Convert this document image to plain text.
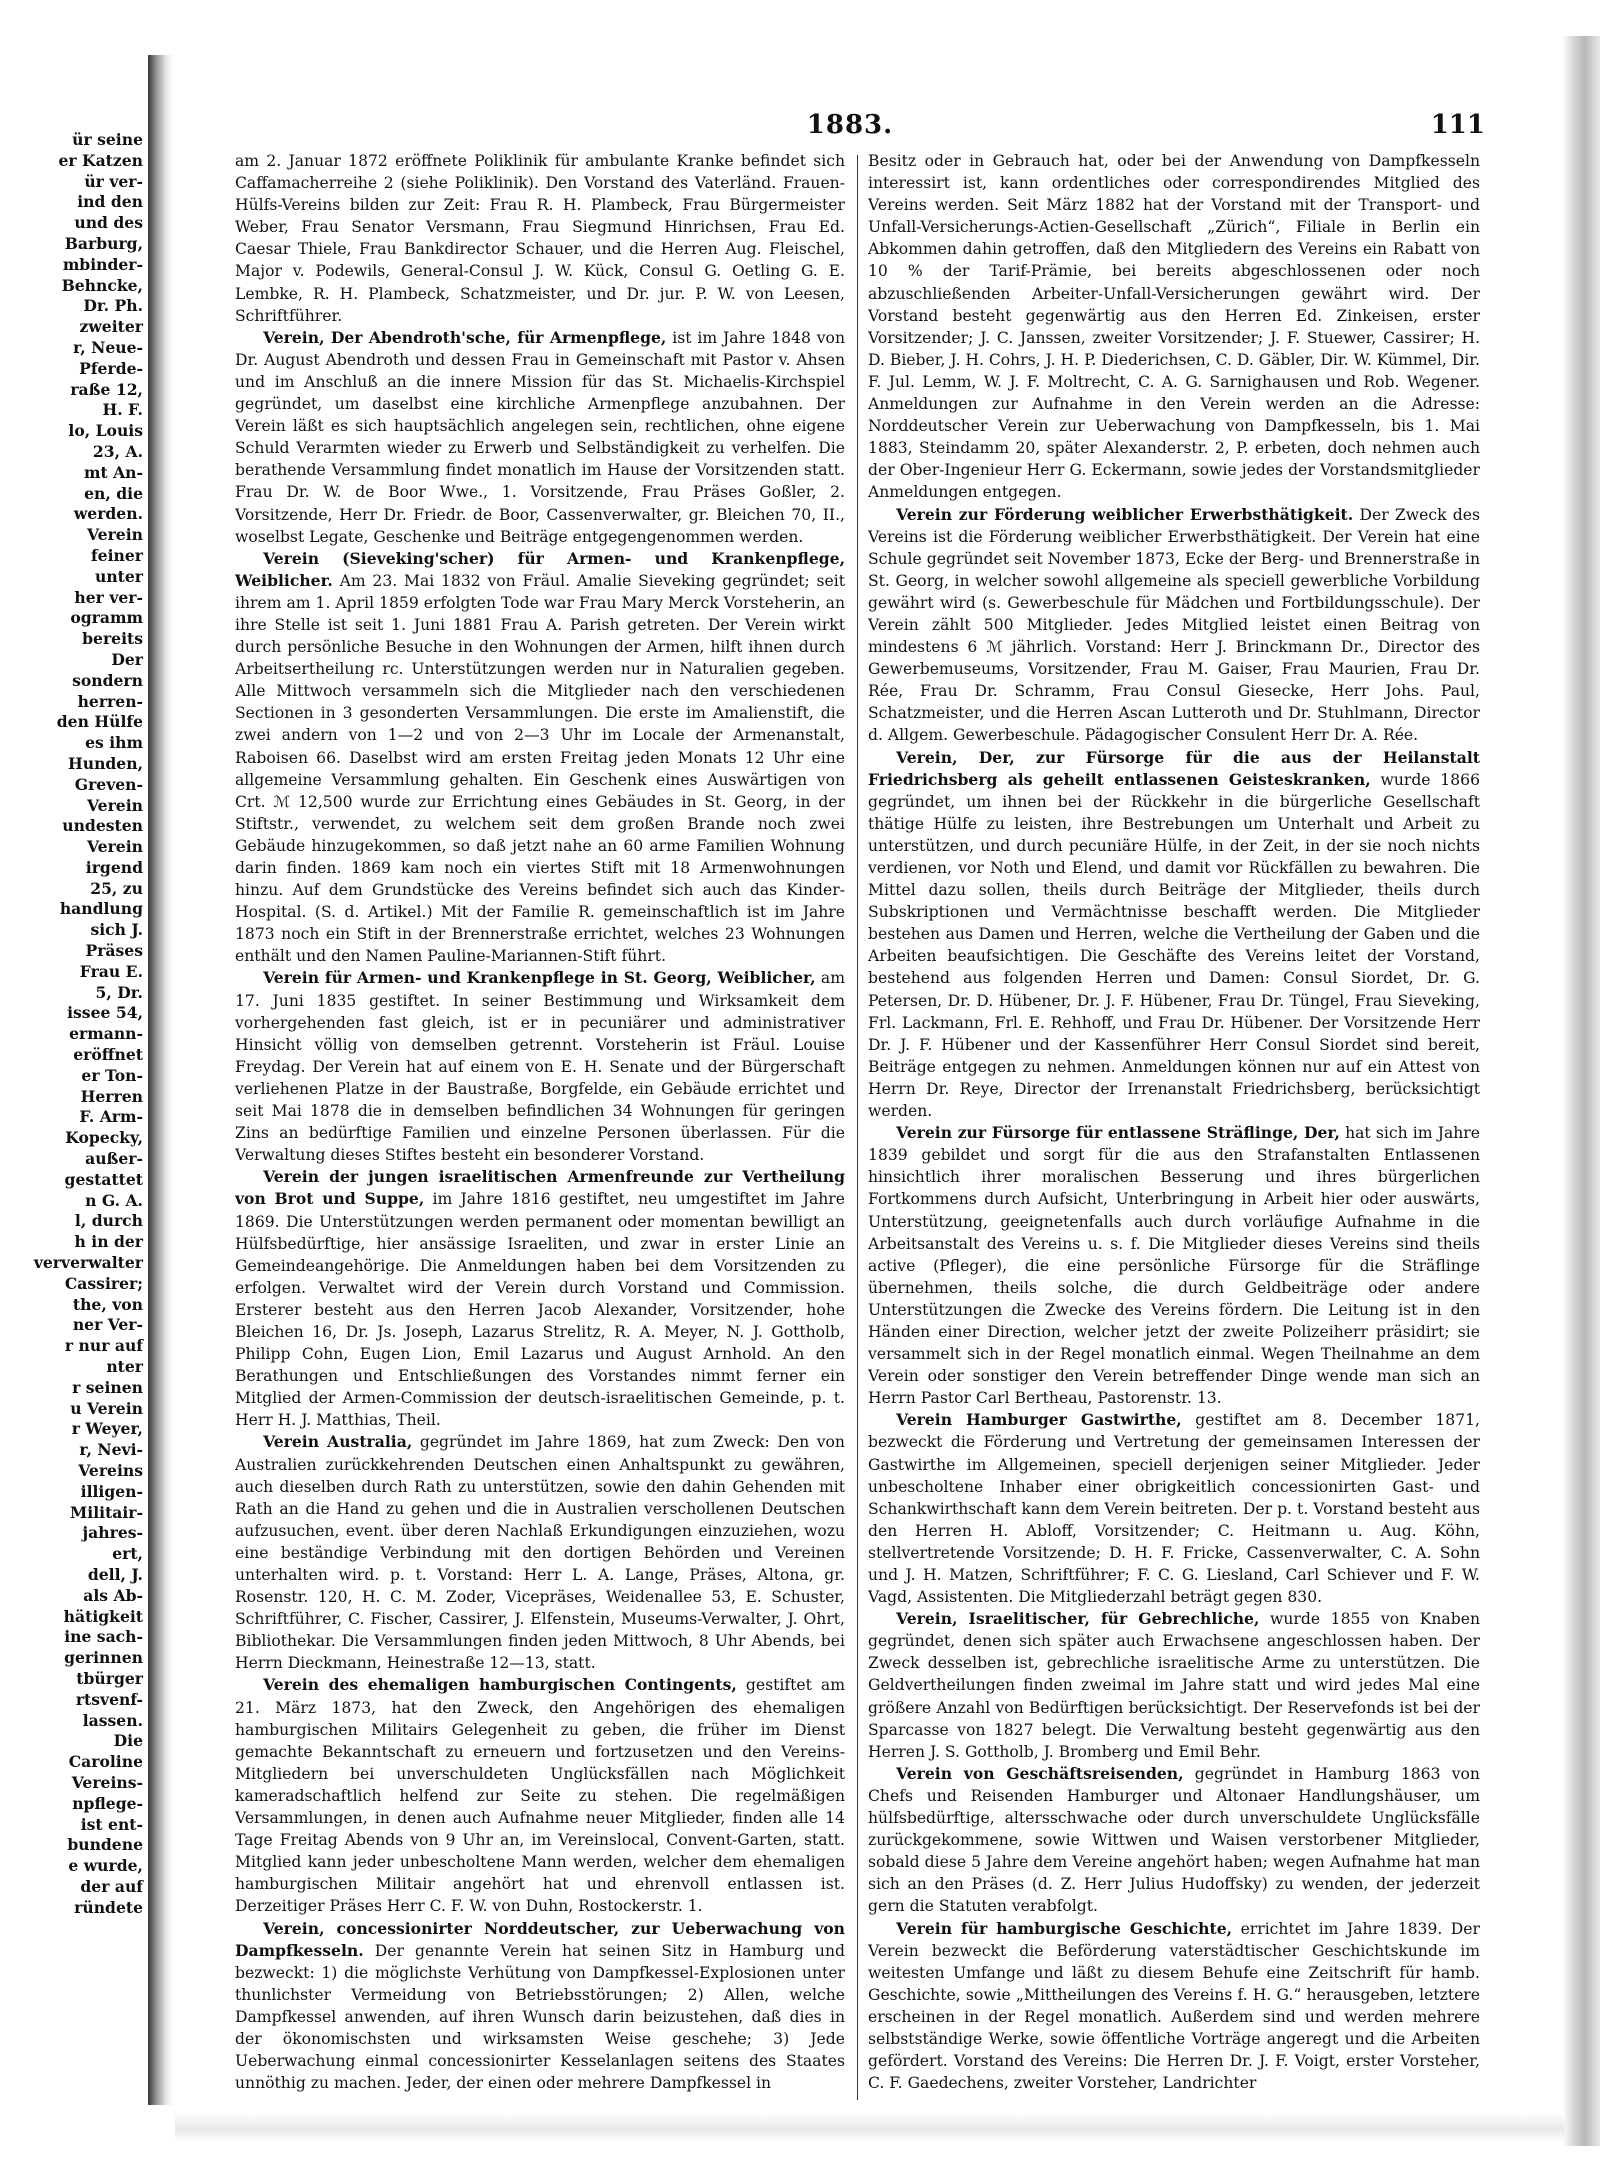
ür seine
er Katzen
ür ver-
ind den
und des
Barburg,
mbinder-
Behncke,
Dr. Ph.
zweiter
r, Neue-
Pferde-
raße 12,
H. F.
lo, Louis
23, A.
mt An-
en, die
werden.
Verein
feiner
unter
her ver-
ogramm
bereits
Der
sondern
herren-
den Hülfe
es ihm
Hunden,
Greven-
Verein
undesten
Verein
irgend
25, zu
handlung
sich J.
Präses
Frau E.
5, Dr.
issee 54,
ermann-
eröffnet
er Ton-
Herren
F. Arm-
Kopecky,
außer-
gestattet
n G. A.
l, durch
h in der
ververwalter
Cassirer;
the, von
ner Ver-
r nur auf
nter
r seinen
u Verein
r Weyer,
r, Nevi-
Vereins
illigen-
Militair-
jahres-
ert,
dell, J.
als Ab-
hätigkeit
ine sach-
gerinnen
tbürger
rtsvenf-
lassen.
Die
Caroline
Vereins-
npflege-
ist ent-
bundene
e wurde,
der auf
ründete
1883.	111

am 2. Januar 1872 eröffnete Poliklinik für ambulante Kranke befindet sich Caffamacherreihe 2 (siehe Poliklinik). Den Vorstand des Vaterländ. Frauen-Hülfs-Vereins bilden zur Zeit: Frau R. H. Plambeck, Frau Bürgermeister Weber, Frau Senator Versmann, Frau Siegmund Hinrichsen, Frau Ed. Caesar Thiele, Frau Bankdirector Schauer, und die Herren Aug. Fleischel, Major v. Podewils, General-Consul J. W. Kück, Consul G. Oetling G. E. Lembke, R. H. Plambeck, Schatzmeister, und Dr. jur. P. W. von Leesen, Schriftführer.

Verein, Der Abendroth'sche, für Armenpflege, ist im Jahre 1848 von Dr. August Abendroth und dessen Frau in Gemeinschaft mit Pastor v. Ahsen und im Anschluß an die innere Mission für das St. Michaelis-Kirchspiel gegründet, um daselbst eine kirchliche Armenpflege anzubahnen. Der Verein läßt es sich hauptsächlich angelegen sein, rechtlichen, ohne eigene Schuld Verarmten wieder zu Erwerb und Selbständigkeit zu verhelfen. Die berathende Versammlung findet monatlich im Hause der Vorsitzenden statt. Frau Dr. W. de Boor Wwe., 1. Vorsitzende, Frau Präses Goßler, 2. Vorsitzende, Herr Dr. Friedr. de Boor, Cassenverwalter, gr. Bleichen 70, II., woselbst Legate, Geschenke und Beiträge entgegengenommen werden.

Verein (Sieveking'scher) für Armen- und Krankenpflege, Weiblicher. Am 23. Mai 1832 von Fräul. Amalie Sieveking gegründet; seit ihrem am 1. April 1859 erfolgten Tode war Frau Mary Merck Vorsteherin, an ihre Stelle ist seit 1. Juni 1881 Frau A. Parish getreten. Der Verein wirkt durch persönliche Besuche in den Wohnungen der Armen, hilft ihnen durch Arbeitsertheilung rc. Unterstützungen werden nur in Naturalien gegeben. Alle Mittwoch versammeln sich die Mitglieder nach den verschiedenen Sectionen in 3 gesonderten Versammlungen. Die erste im Amalienstift, die zwei andern von 1—2 und von 2—3 Uhr im Locale der Armenanstalt, Raboisen 66. Daselbst wird am ersten Freitag jeden Monats 12 Uhr eine allgemeine Versammlung gehalten. Ein Geschenk eines Auswärtigen von Crt. ℳ 12,500 wurde zur Errichtung eines Gebäudes in St. Georg, in der Stiftstr., verwendet, zu welchem seit dem großen Brande noch zwei Gebäude hinzugekommen, so daß jetzt nahe an 60 arme Familien Wohnung darin finden. 1869 kam noch ein viertes Stift mit 18 Armenwohnungen hinzu. Auf dem Grundstücke des Vereins befindet sich auch das Kinder-Hospital. (S. d. Artikel.) Mit der Familie R. gemeinschaftlich ist im Jahre 1873 noch ein Stift in der Brennerstraße errichtet, welches 23 Wohnungen enthält und den Namen Pauline-Mariannen-Stift führt.

Verein für Armen- und Krankenpflege in St. Georg, Weiblicher, am 17. Juni 1835 gestiftet. In seiner Bestimmung und Wirksamkeit dem vorhergehenden fast gleich, ist er in pecuniärer und administrativer Hinsicht völlig von demselben getrennt. Vorsteherin ist Fräul. Louise Freydag. Der Verein hat auf einem von E. H. Senate und der Bürgerschaft verliehenen Platze in der Baustraße, Borgfelde, ein Gebäude errichtet und seit Mai 1878 die in demselben befindlichen 34 Wohnungen für geringen Zins an bedürftige Familien und einzelne Personen überlassen. Für die Verwaltung dieses Stiftes besteht ein besonderer Vorstand.

Verein der jungen israelitischen Armenfreunde zur Vertheilung von Brot und Suppe, im Jahre 1816 gestiftet, neu umgestiftet im Jahre 1869. Die Unterstützungen werden permanent oder momentan bewilligt an Hülfsbedürftige, hier ansässige Israeliten, und zwar in erster Linie an Gemeindeangehörige. Die Anmeldungen haben bei dem Vorsitzenden zu erfolgen. Verwaltet wird der Verein durch Vorstand und Commission. Ersterer besteht aus den Herren Jacob Alexander, Vorsitzender, hohe Bleichen 16, Dr. Js. Joseph, Lazarus Strelitz, R. A. Meyer, N. J. Gottholb, Philipp Cohn, Eugen Lion, Emil Lazarus und August Arnhold. An den Berathungen und Entschließungen des Vorstandes nimmt ferner ein Mitglied der Armen-Commission der deutsch-israelitischen Gemeinde, p. t. Herr H. J. Matthias, Theil.

Verein Australia, gegründet im Jahre 1869, hat zum Zweck: Den von Australien zurückkehrenden Deutschen einen Anhaltspunkt zu gewähren, auch dieselben durch Rath zu unterstützen, sowie den dahin Gehenden mit Rath an die Hand zu gehen und die in Australien verschollenen Deutschen aufzusuchen, event. über deren Nachlaß Erkundigungen einzuziehen, wozu eine beständige Verbindung mit den dortigen Behörden und Vereinen unterhalten wird. p. t. Vorstand: Herr L. A. Lange, Präses, Altona, gr. Rosenstr. 120, H. C. M. Zoder, Vicepräses, Weidenallee 53, E. Schuster, Schriftführer, C. Fischer, Cassirer, J. Elfenstein, Museums-Verwalter, J. Ohrt, Bibliothekar. Die Versammlungen finden jeden Mittwoch, 8 Uhr Abends, bei Herrn Dieckmann, Heinestraße 12—13, statt.

Verein des ehemaligen hamburgischen Contingents, gestiftet am 21. März 1873, hat den Zweck, den Angehörigen des ehemaligen hamburgischen Militairs Gelegenheit zu geben, die früher im Dienst gemachte Bekanntschaft zu erneuern und fortzusetzen und den Vereins-Mitgliedern bei unverschuldeten Unglücksfällen nach Möglichkeit kameradschaftlich helfend zur Seite zu stehen. Die regelmäßigen Versammlungen, in denen auch Aufnahme neuer Mitglieder, finden alle 14 Tage Freitag Abends von 9 Uhr an, im Vereinslocal, Convent-Garten, statt. Mitglied kann jeder unbescholtene Mann werden, welcher dem ehemaligen hamburgischen Militair angehört hat und ehrenvoll entlassen ist. Derzeitiger Präses Herr C. F. W. von Duhn, Rostockerstr. 1.

Verein, concessionirter Norddeutscher, zur Ueberwachung von Dampfkesseln. Der genannte Verein hat seinen Sitz in Hamburg und bezweckt: 1) die möglichste Verhütung von Dampfkessel-Explosionen unter thunlichster Vermeidung von Betriebsstörungen; 2) Allen, welche Dampfkessel anwenden, auf ihren Wunsch darin beizustehen, daß dies in der ökonomischsten und wirksamsten Weise geschehe; 3) Jede Ueberwachung einmal concessionirter Kesselanlagen seitens des Staates unnöthig zu machen. Jeder, der einen oder mehrere Dampfkessel in

Besitz oder in Gebrauch hat, oder bei der Anwendung von Dampfkesseln interessirt ist, kann ordentliches oder correspondirendes Mitglied des Vereins werden. Seit März 1882 hat der Vorstand mit der Transport- und Unfall-Versicherungs-Actien-Gesellschaft „Zürich“, Filiale in Berlin ein Abkommen dahin getroffen, daß den Mitgliedern des Vereins ein Rabatt von 10 % der Tarif-Prämie, bei bereits abgeschlossenen oder noch abzuschließenden Arbeiter-Unfall-Versicherungen gewährt wird. Der Vorstand besteht gegenwärtig aus den Herren Ed. Zinkeisen, erster Vorsitzender; J. C. Janssen, zweiter Vorsitzender; J. F. Stuewer, Cassirer; H. D. Bieber, J. H. Cohrs, J. H. P. Diederichsen, C. D. Gäbler, Dir. W. Kümmel, Dir. F. Jul. Lemm, W. J. F. Moltrecht, C. A. G. Sarnighausen und Rob. Wegener. Anmeldungen zur Aufnahme in den Verein werden an die Adresse: Norddeutscher Verein zur Ueberwachung von Dampfkesseln, bis 1. Mai 1883, Steindamm 20, später Alexanderstr. 2, P. erbeten, doch nehmen auch der Ober-Ingenieur Herr G. Eckermann, sowie jedes der Vorstandsmitglieder Anmeldungen entgegen.

Verein zur Förderung weiblicher Erwerbsthätigkeit. Der Zweck des Vereins ist die Förderung weiblicher Erwerbsthätigkeit. Der Verein hat eine Schule gegründet seit November 1873, Ecke der Berg- und Brennerstraße in St. Georg, in welcher sowohl allgemeine als speciell gewerbliche Vorbildung gewährt wird (s. Gewerbeschule für Mädchen und Fortbildungsschule). Der Verein zählt 500 Mitglieder. Jedes Mitglied leistet einen Beitrag von mindestens 6 ℳ jährlich. Vorstand: Herr J. Brinckmann Dr., Director des Gewerbemuseums, Vorsitzender, Frau M. Gaiser, Frau Maurien, Frau Dr. Rée, Frau Dr. Schramm, Frau Consul Giesecke, Herr Johs. Paul, Schatzmeister, und die Herren Ascan Lutteroth und Dr. Stuhlmann, Director d. Allgem. Gewerbeschule. Pädagogischer Consulent Herr Dr. A. Rée.

Verein, Der, zur Fürsorge für die aus der Heilanstalt Friedrichsberg als geheilt entlassenen Geisteskranken, wurde 1866 gegründet, um ihnen bei der Rückkehr in die bürgerliche Gesellschaft thätige Hülfe zu leisten, ihre Bestrebungen um Unterhalt und Arbeit zu unterstützen, und durch pecuniäre Hülfe, in der Zeit, in der sie noch nichts verdienen, vor Noth und Elend, und damit vor Rückfällen zu bewahren. Die Mittel dazu sollen, theils durch Beiträge der Mitglieder, theils durch Subskriptionen und Vermächtnisse beschafft werden. Die Mitglieder bestehen aus Damen und Herren, welche die Vertheilung der Gaben und die Arbeiten beaufsichtigen. Die Geschäfte des Vereins leitet der Vorstand, bestehend aus folgenden Herren und Damen: Consul Siordet, Dr. G. Petersen, Dr. D. Hübener, Dr. J. F. Hübener, Frau Dr. Tüngel, Frau Sieveking, Frl. Lackmann, Frl. E. Rehhoff, und Frau Dr. Hübener. Der Vorsitzende Herr Dr. J. F. Hübener und der Kassenführer Herr Consul Siordet sind bereit, Beiträge entgegen zu nehmen. Anmeldungen können nur auf ein Attest von Herrn Dr. Reye, Director der Irrenanstalt Friedrichsberg, berücksichtigt werden.

Verein zur Fürsorge für entlassene Sträflinge, Der, hat sich im Jahre 1839 gebildet und sorgt für die aus den Strafanstalten Entlassenen hinsichtlich ihrer moralischen Besserung und ihres bürgerlichen Fortkommens durch Aufsicht, Unterbringung in Arbeit hier oder auswärts, Unterstützung, geeignetenfalls auch durch vorläufige Aufnahme in die Arbeitsanstalt des Vereins u. s. f. Die Mitglieder dieses Vereins sind theils active (Pfleger), die eine persönliche Fürsorge für die Sträflinge übernehmen, theils solche, die durch Geldbeiträge oder andere Unterstützungen die Zwecke des Vereins fördern. Die Leitung ist in den Händen einer Direction, welcher jetzt der zweite Polizeiherr präsidirt; sie versammelt sich in der Regel monatlich einmal. Wegen Theilnahme an dem Verein oder sonstiger den Verein betreffender Dinge wende man sich an Herrn Pastor Carl Bertheau, Pastorenstr. 13.

Verein Hamburger Gastwirthe, gestiftet am 8. December 1871, bezweckt die Förderung und Vertretung der gemeinsamen Interessen der Gastwirthe im Allgemeinen, speciell derjenigen seiner Mitglieder. Jeder unbescholtene Inhaber einer obrigkeitlich concessionirten Gast- und Schankwirthschaft kann dem Verein beitreten. Der p. t. Vorstand besteht aus den Herren H. Abloff, Vorsitzender; C. Heitmann u. Aug. Köhn, stellvertretende Vorsitzende; D. H. F. Fricke, Cassenverwalter, C. A. Sohn und J. H. Matzen, Schriftführer; F. C. G. Liesland, Carl Schiever und F. W. Vagd, Assistenten. Die Mitgliederzahl beträgt gegen 830.

Verein, Israelitischer, für Gebrechliche, wurde 1855 von Knaben gegründet, denen sich später auch Erwachsene angeschlossen haben. Der Zweck desselben ist, gebrechliche israelitische Arme zu unterstützen. Die Geldvertheilungen finden zweimal im Jahre statt und wird jedes Mal eine größere Anzahl von Bedürftigen berücksichtigt. Der Reservefonds ist bei der Sparcasse von 1827 belegt. Die Verwaltung besteht gegenwärtig aus den Herren J. S. Gottholb, J. Bromberg und Emil Behr.

Verein von Geschäftsreisenden, gegründet in Hamburg 1863 von Chefs und Reisenden Hamburger und Altonaer Handlungshäuser, um hülfsbedürftige, altersschwache oder durch unverschuldete Unglücksfälle zurückgekommene, sowie Wittwen und Waisen verstorbener Mitglieder, sobald diese 5 Jahre dem Vereine angehört haben; wegen Aufnahme hat man sich an den Präses (d. Z. Herr Julius Hudoffsky) zu wenden, der jederzeit gern die Statuten verabfolgt.

Verein für hamburgische Geschichte, errichtet im Jahre 1839. Der Verein bezweckt die Beförderung vaterstädtischer Geschichtskunde im weitesten Umfange und läßt zu diesem Behufe eine Zeitschrift für hamb. Geschichte, sowie „Mittheilungen des Vereins f. H. G.“ herausgeben, letztere erscheinen in der Regel monatlich. Außerdem sind und werden mehrere selbstständige Werke, sowie öffentliche Vorträge angeregt und die Arbeiten gefördert. Vorstand des Vereins: Die Herren Dr. J. F. Voigt, erster Vorsteher, C. F. Gaedechens, zweiter Vorsteher, Landrichter
